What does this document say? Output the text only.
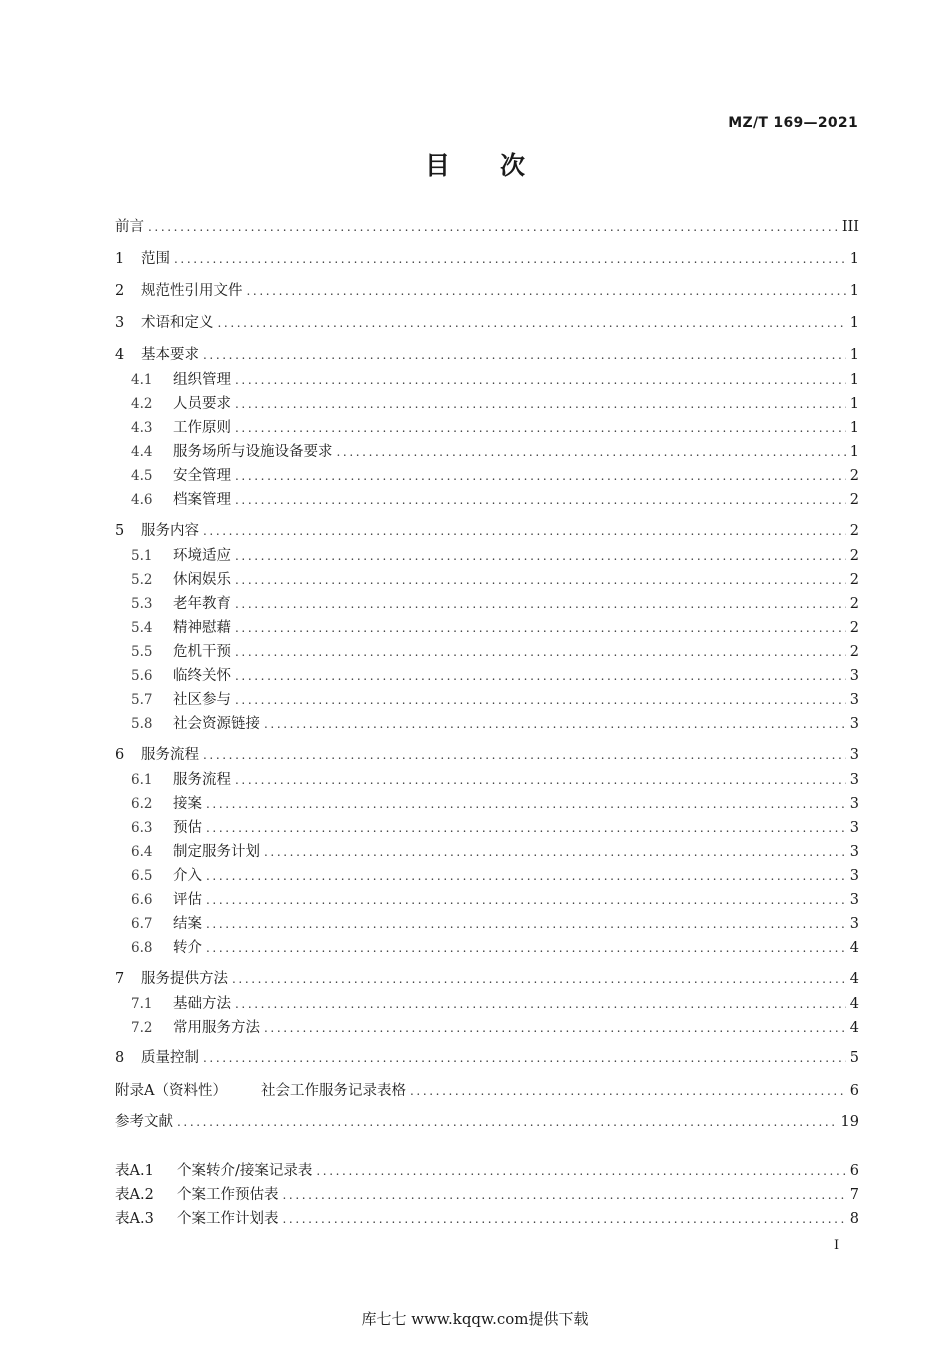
MZ/T 169—2021
目　　次
前言 .....	III
1	范围 .....	1
2	规范性引用文件 .....	1
3	术语和定义 .....	1
4	基本要求 .....	1
4.1	组织管理 .....	1
4.2	人员要求 .....	1
4.3	工作原则 .....	1
4.4	服务场所与设施设备要求 .....	1
4.5	安全管理 .....	2
4.6	档案管理 .....	2
5	服务内容 .....	2
5.1	环境适应 .....	2
5.2	休闲娱乐 .....	2
5.3	老年教育 .....	2
5.4	精神慰藉 .....	2
5.5	危机干预 .....	2
5.6	临终关怀 .....	3
5.7	社区参与 .....	3
5.8	社会资源链接 .....	3
6	服务流程 .....	3
6.1	服务流程 .....	3
6.2	接案 .....	3
6.3	预估 .....	3
6.4	制定服务计划 .....	3
6.5	介入 .....	3
6.6	评估 .....	3
6.7	结案 .....	3
6.8	转介 .....	4
7	服务提供方法 .....	4
7.1	基础方法 .....	4
7.2	常用服务方法 .....	4
8	质量控制 .....	5
附录A（资料性）	社会工作服务记录表格 .....	6
参考文献 .....	19
表A.1	个案转介/接案记录表 .....	6
表A.2	个案工作预估表 .....	7
表A.3	个案工作计划表 .....	8
I
库七七 www.kqqw.com提供下载
